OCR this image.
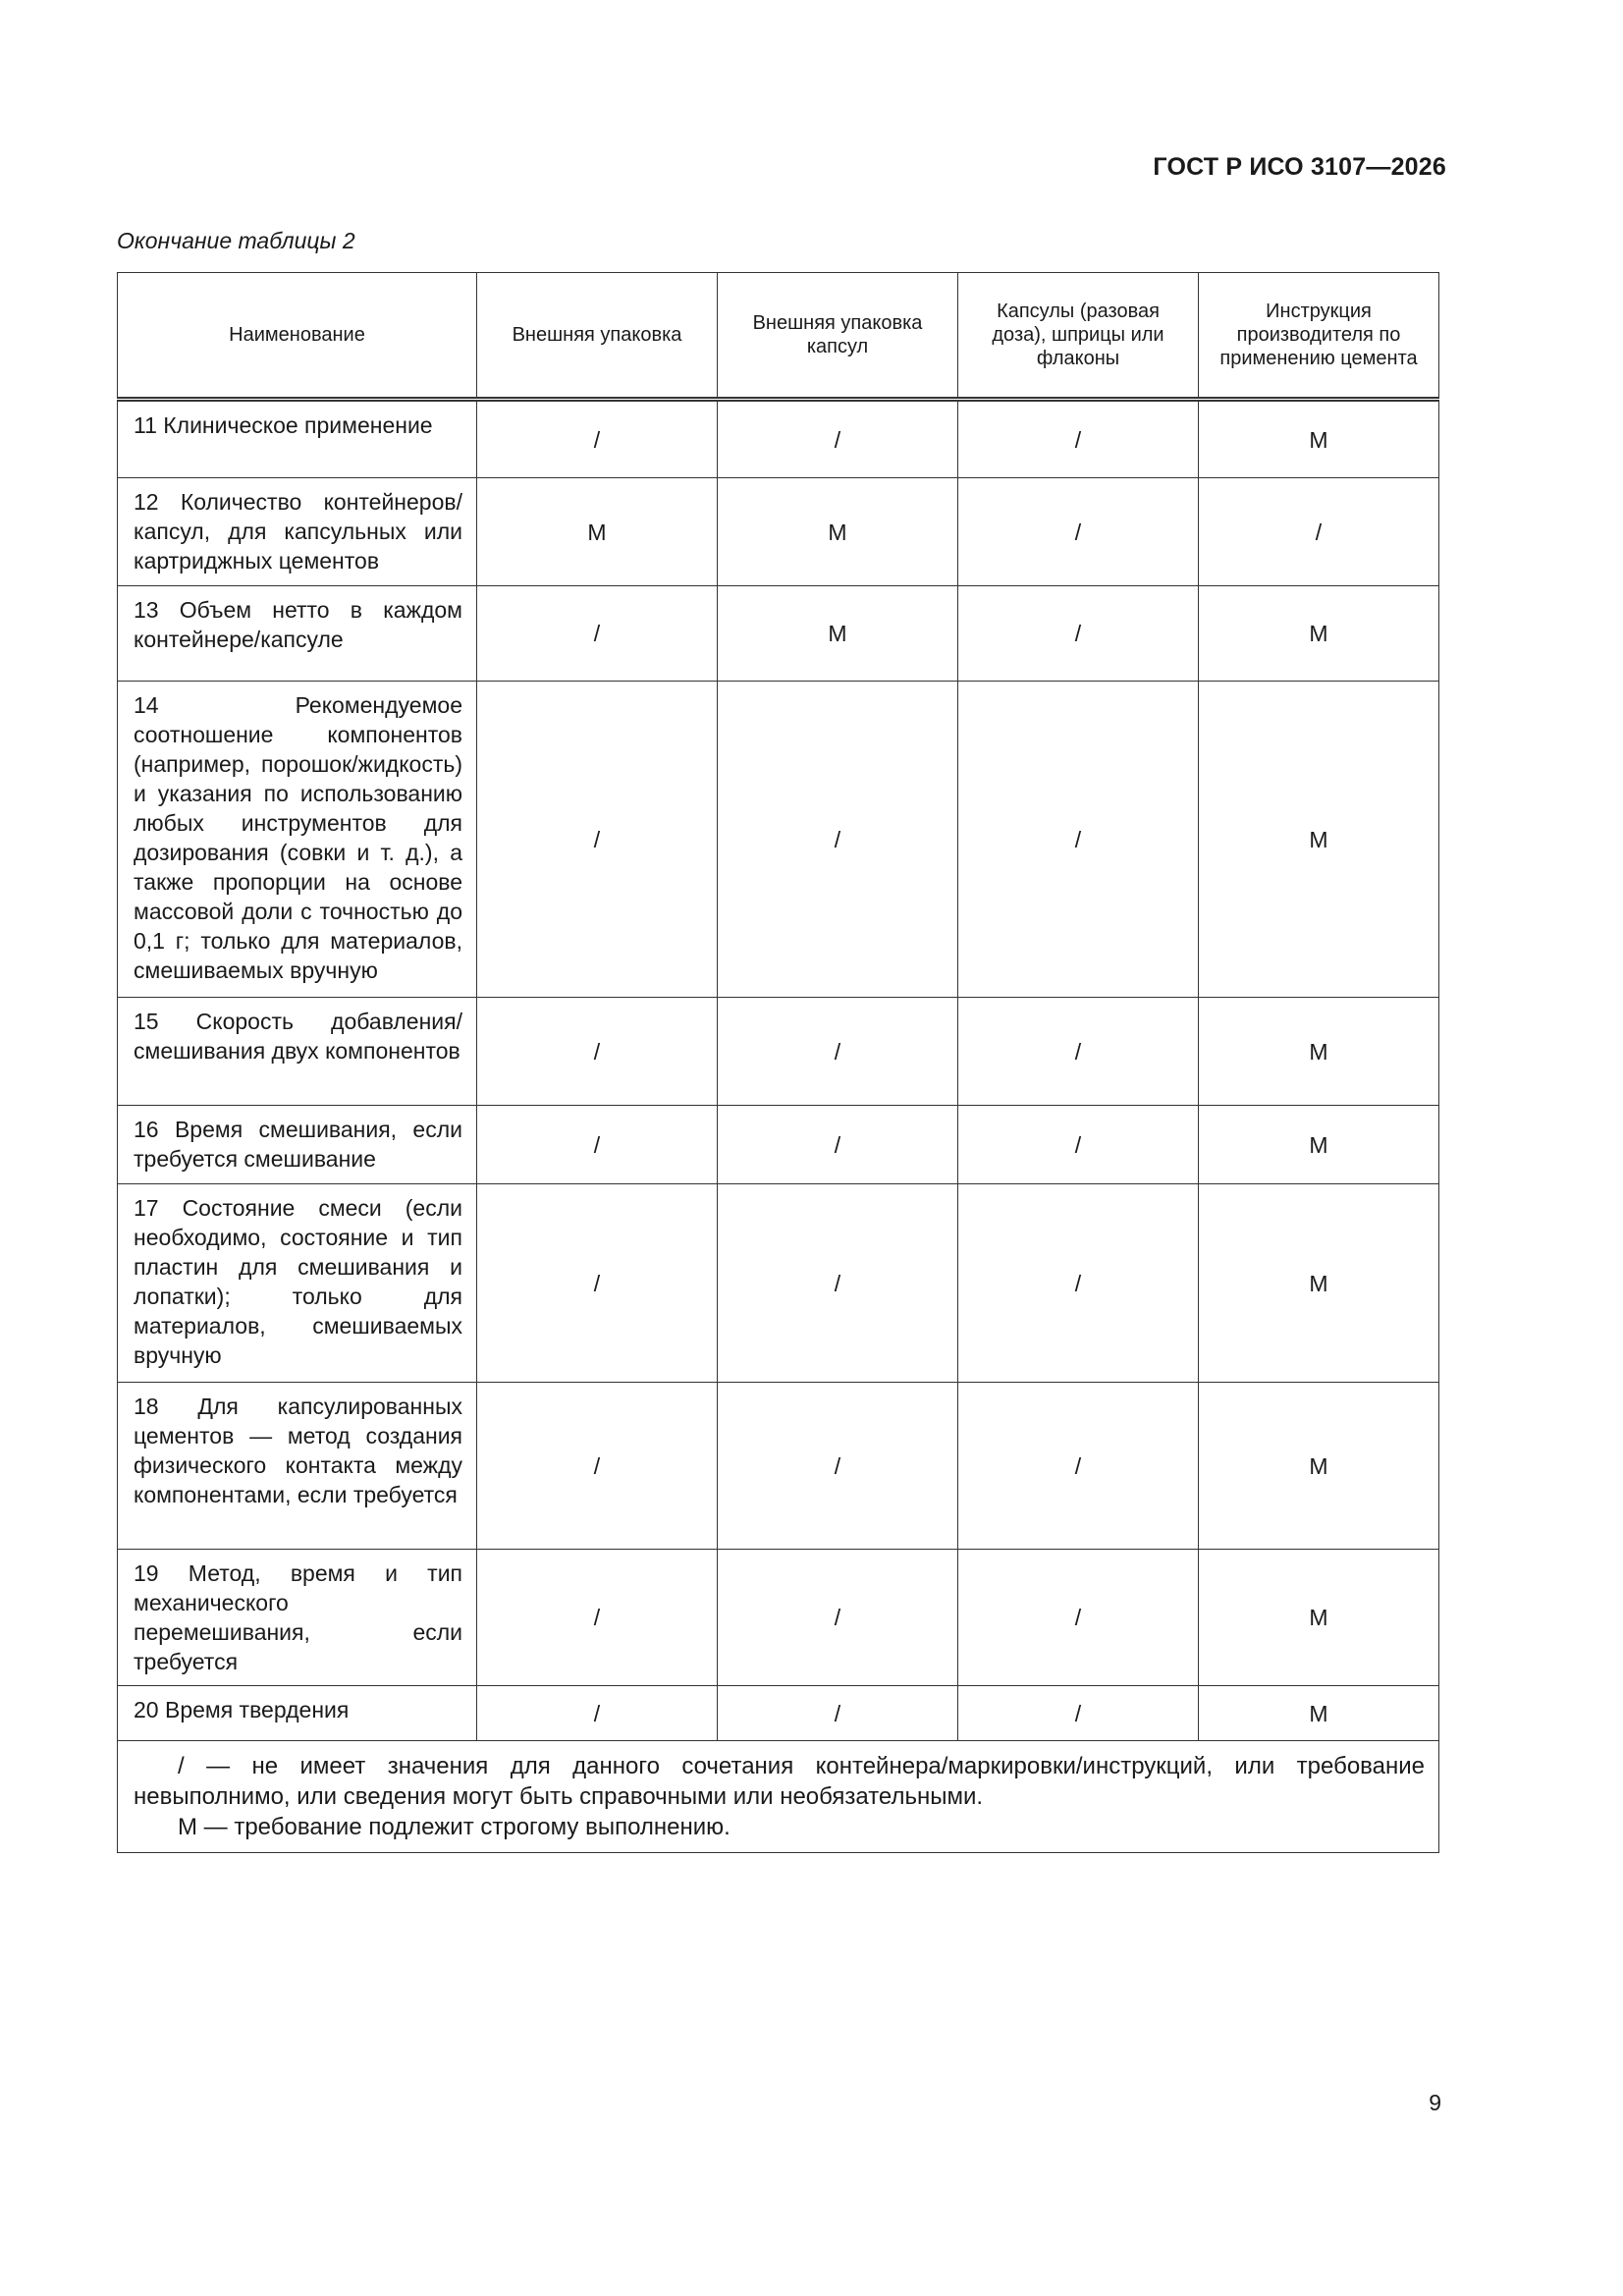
ГОСТ Р ИСО 3107—2026
Окончание таблицы 2
Наименование	Внешняя упаковка	Внешняя упаковка капсул	Капсулы (разовая доза), шприцы или флаконы	Инструкция производителя по применению цемента
11 Клиническое применение	/	/	/	M
12 Количество контейнеров/капсул, для капсульных или картриджных цементов	M	M	/	/
13 Объем нетто в каждом контейнере/капсуле	/	M	/	M
14 Рекомендуемое соотношение компонентов (например, порошок/жидкость) и указания по использованию любых инструментов для дозирования (совки и т. д.), а также пропорции на основе массовой доли с точностью до 0,1 г; только для материалов, смешиваемых вручную	/	/	/	M
15 Скорость добавления/смешивания двух компонентов	/	/	/	M
16 Время смешивания, если требуется смешивание	/	/	/	M
17 Состояние смеси (если необходимо, состояние и тип пластин для смешивания и лопатки); только для материалов, смешиваемых вручную	/	/	/	M
18 Для капсулированных цементов — метод создания физического контакта между компонентами, если требуется	/	/	/	M
19 Метод, время и тип механического перемешивания, если требуется	/	/	/	M
20 Время твердения	/	/	/	M

/ — не имеет значения для данного сочетания контейнера/маркировки/инструкций, или требование невыполнимо, или сведения могут быть справочными или необязательными.
M — требование подлежит строгому выполнению.				
9
